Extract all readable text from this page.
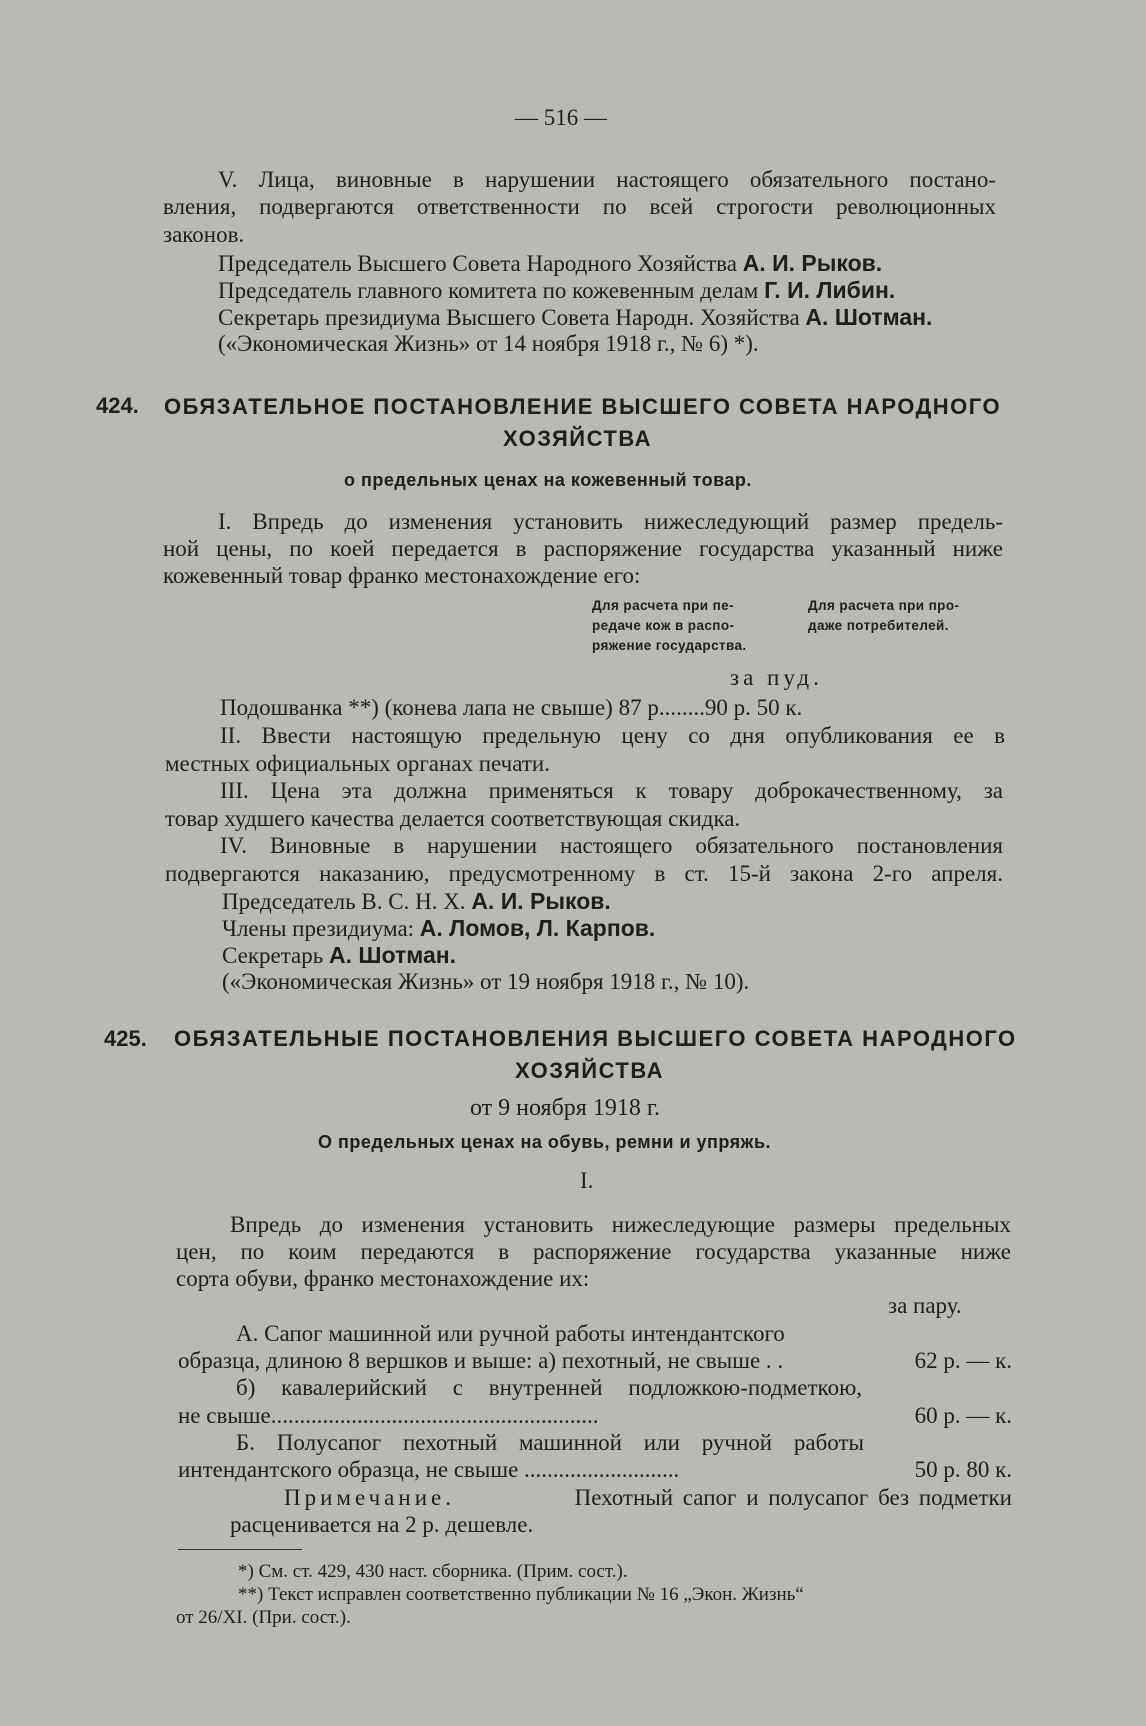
— 516 —
V. Лица, виновные в нарушении настоящего обязательного постано-
вления, подвергаются ответственности по всей строгости революционных
законов.
Председатель Высшего Совета Народного Хозяйства А. И. Рыков.
Председатель главного комитета по кожевенным делам Г. И. Либин.
Секретарь президиума Высшего Совета Народн. Хозяйства А. Шотман.
(«Экономическая Жизнь» от 14 ноября 1918 г., № 6) *).
424. ОБЯЗАТЕЛЬНОЕ ПОСТАНОВЛЕНИЕ ВЫСШЕГО СОВЕТА НАРОДНОГО
ХОЗЯЙСТВА
о предельных ценах на кожевенный товар.
I. Впредь до изменения установить нижеследующий размер предель-
ной цены, по коей передается в распоряжение государства указанный ниже
кожевенный товар франко местонахождение его:
Для расчета при пе-
редаче кож в распо-
ряжение государства.
Для расчета при про-
даже потребителей.
за пуд.
Подошванка **) (конева лапа не свыше) 87 р........90 р. 50 к.
II. Ввести настоящую предельную цену со дня опубликования ее в
местных официальных органах печати.
III. Цена эта должна применяться к товару доброкачественному, за
товар худшего качества делается соответствующая скидка.
IV. Виновные в нарушении настоящего обязательного постановления
подвергаются наказанию, предусмотренному в ст. 15-й закона 2-го апреля.
Председатель В. С. Н. Х. А. И. Рыков.
Члены президиума: А. Ломов, Л. Карпов.
Секретарь А. Шотман.
(«Экономическая Жизнь» от 19 ноября 1918 г., № 10).
425. ОБЯЗАТЕЛЬНЫЕ ПОСТАНОВЛЕНИЯ ВЫСШЕГО СОВЕТА НАРОДНОГО
ХОЗЯЙСТВА
от 9 ноября 1918 г.
О предельных ценах на обувь, ремни и упряжь.
I.
Впредь до изменения установить нижеследующие размеры предельных
цен, по коим передаются в распоряжение государства указанные ниже
сорта обуви, франко местонахождение их:
за пару.
А. Сапог машинной или ручной работы интендантского
образца, длиною 8 вершков и выше: а) пехотный, не свыше . .	62 р. — к.
б) кавалерийский с внутренней подложкою-подметкою,
не свыше.........................................................	60 р. — к.
Б. Полусапог пехотный машинной или ручной работы
интендантского образца, не свыше ...........................	50 р. 80 к.
Примечание.	Пехотный сапог и полусапог без подметки
расценивается на 2 р. дешевле.
*) См. ст. 429, 430 наст. сборника. (Прим. сост.).
**) Текст исправлен соответственно публикации № 16 „Экон. Жизнь“
от 26/XI. (При. сост.).
